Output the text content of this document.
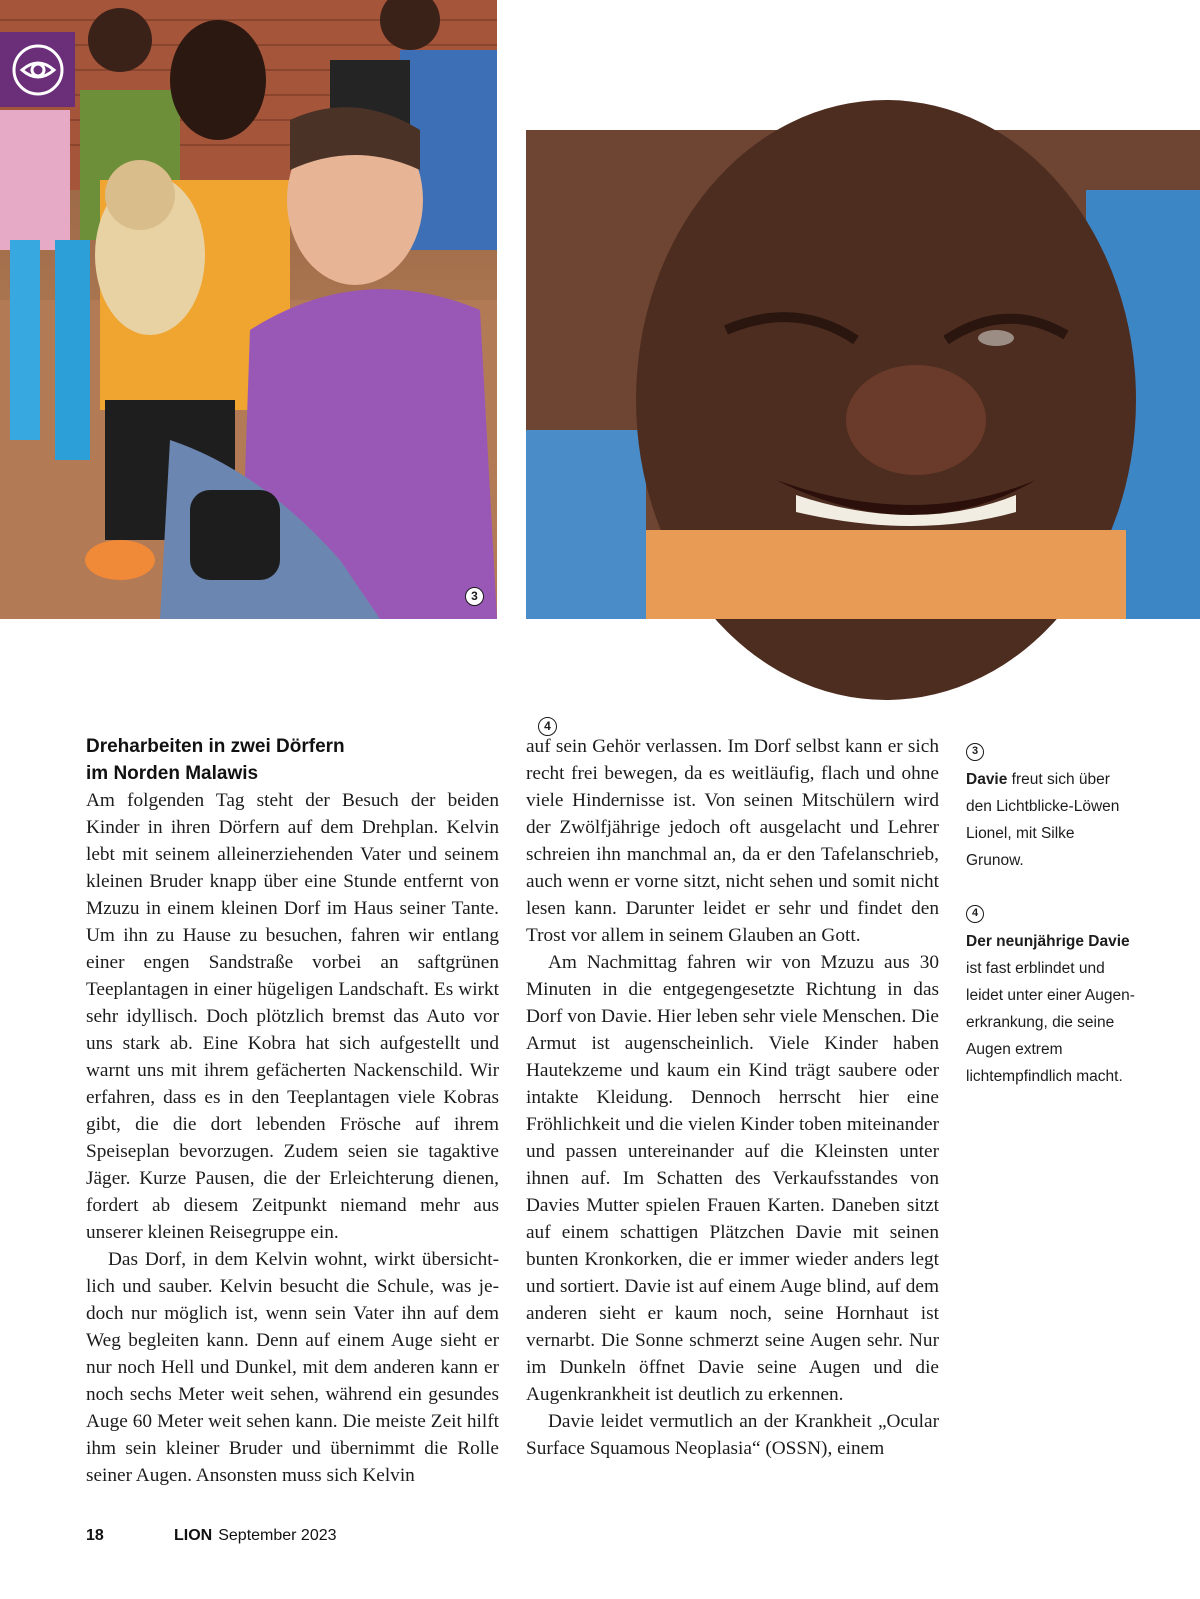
3
4
Dreharbeiten in zwei Dörfern
im Norden Malawis

Am folgenden Tag steht der Besuch der beiden Kinder in ihren Dörfern auf dem Drehplan. Kelvin lebt mit seinem alleinerziehenden Vater und seinem kleinen Bruder knapp über eine Stunde entfernt von Mzuzu in einem kleinen Dorf im Haus seiner Tante. Um ihn zu Hause zu besuchen, fahren wir entlang einer engen Sandstraße vorbei an saftgrünen Teeplantagen in einer hügeligen Landschaft. Es wirkt sehr idyllisch. Doch plötzlich bremst das Auto vor uns stark ab. Eine Kobra hat sich aufgestellt und warnt uns mit ihrem gefächerten Nackenschild. Wir erfahren, dass es in den Teeplantagen viele Kobras gibt, die die dort lebenden Frösche auf ihrem Speiseplan bevorzugen. Zudem seien sie tagaktive Jäger. Kurze Pausen, die der Erleichterung dienen, fordert ab diesem Zeitpunkt niemand mehr aus unserer kleinen Reisegruppe ein.

Das Dorf, in dem Kelvin wohnt, wirkt übersichtlich und sauber. Kelvin besucht die Schule, was jedoch nur möglich ist, wenn sein Vater ihn auf dem Weg begleiten kann. Denn auf einem Auge sieht er nur noch Hell und Dunkel, mit dem anderen kann er noch sechs Meter weit sehen, während ein gesundes Auge 60 Meter weit sehen kann. Die meiste Zeit hilft ihm sein kleiner Bruder und übernimmt die Rolle seiner Augen. Ansonsten muss sich Kelvin

auf sein Gehör verlassen. Im Dorf selbst kann er sich recht frei bewegen, da es weitläufig, flach und ohne viele Hindernisse ist. Von seinen Mitschülern wird der Zwölfjährige jedoch oft ausgelacht und Lehrer schreien ihn manchmal an, da er den Tafelanschrieb, auch wenn er vorne sitzt, nicht sehen und somit nicht lesen kann. Darunter leidet er sehr und findet den Trost vor allem in seinem Glauben an Gott.

Am Nachmittag fahren wir von Mzuzu aus 30 Minuten in die entgegengesetzte Richtung in das Dorf von Davie. Hier leben sehr viele Menschen. Die Armut ist augenscheinlich. Viele Kinder haben Hautekzeme und kaum ein Kind trägt saubere oder intakte Kleidung. Dennoch herrscht hier eine Fröhlichkeit und die vielen Kinder toben miteinander und passen untereinander auf die Kleinsten unter ihnen auf. Im Schatten des Verkaufsstandes von Davies Mutter spielen Frauen Karten. Daneben sitzt auf einem schattigen Plätzchen Davie mit seinen bunten Kronkorken, die er immer wieder anders legt und sortiert. Davie ist auf einem Auge blind, auf dem anderen sieht er kaum noch, seine Hornhaut ist vernarbt. Die Sonne schmerzt seine Augen sehr. Nur im Dunkeln öffnet Davie seine Augen und die Augenkrankheit ist deutlich zu erkennen.

Davie leidet vermutlich an der Krankheit „Ocular Surface Squamous Neoplasia“ (OSSN), einem

3
Davie freut sich über den Lichtblicke-Löwen Lionel, mit Silke Grunow.
4
Der neunjährige Davie ist fast erblindet und leidet unter einer Augenerkrankung, die seine Augen extrem lichtempfindlich macht.
18	LION September 2023
